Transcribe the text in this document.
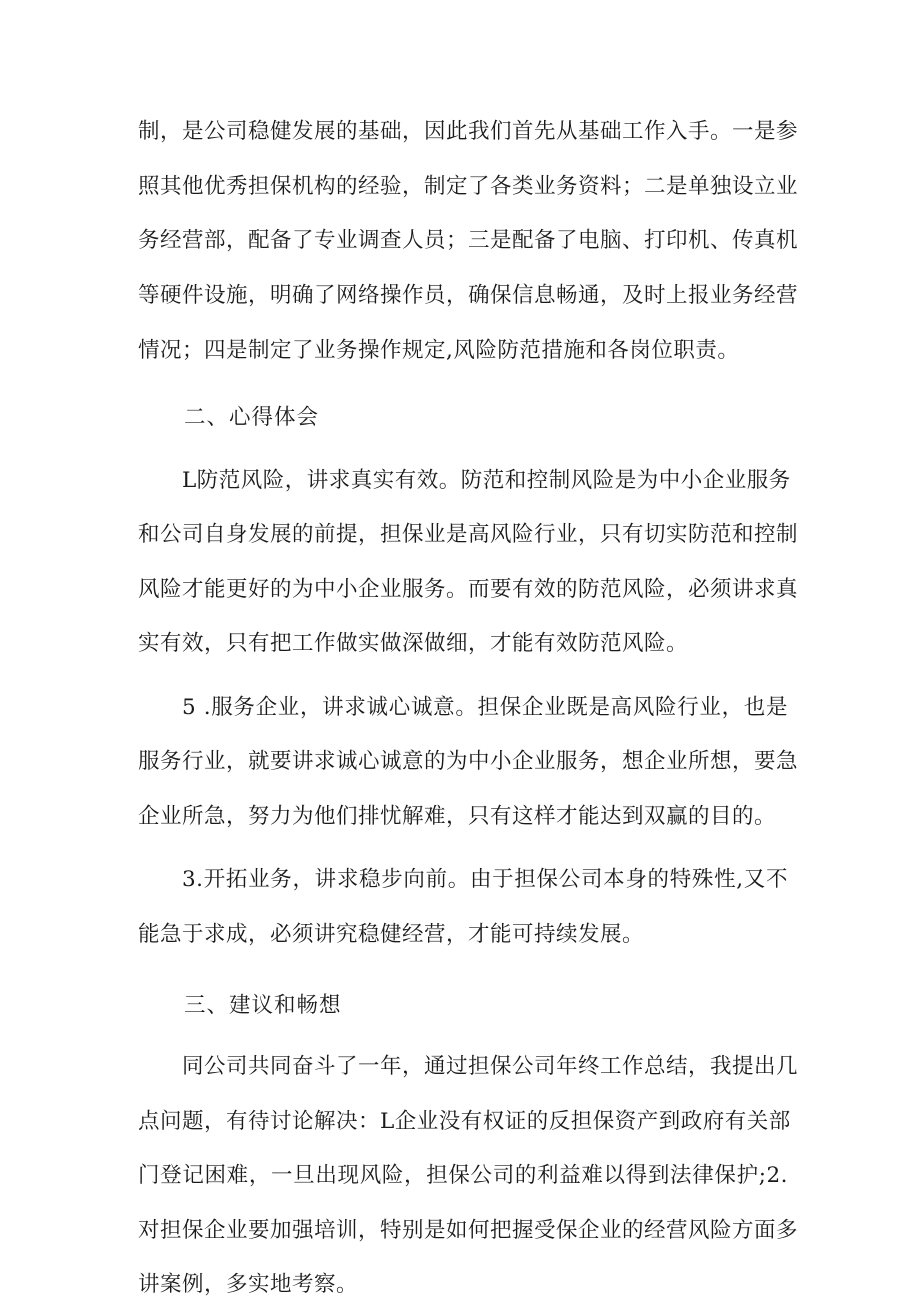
制，是公司稳健发展的基础，因此我们首先从基础工作入手。一是参
照其他优秀担保机构的经验，制定了各类业务资料；二是单独设立业
务经营部，配备了专业调查人员；三是配备了电脑、打印机、传真机
等硬件设施，明确了网络操作员，确保信息畅通，及时上报业务经营
情况；四是制定了业务操作规定,风险防范措施和各岗位职责。
二、心得体会
L防范风险，讲求真实有效。防范和控制风险是为中小企业服务
和公司自身发展的前提，担保业是高风险行业，只有切实防范和控制
风险才能更好的为中小企业服务。而要有效的防范风险，必须讲求真
实有效，只有把工作做实做深做细，才能有效防范风险。
5 .服务企业，讲求诚心诚意。担保企业既是高风险行业，也是
服务行业，就要讲求诚心诚意的为中小企业服务，想企业所想，要急
企业所急，努力为他们排忧解难，只有这样才能达到双赢的目的。
3.开拓业务，讲求稳步向前。由于担保公司本身的特殊性,又不
能急于求成，必须讲究稳健经营，才能可持续发展。
三、建议和畅想
同公司共同奋斗了一年，通过担保公司年终工作总结，我提出几
点问题，有待讨论解决：L企业没有权证的反担保资产到政府有关部
门登记困难，一旦出现风险，担保公司的利益难以得到法律保护;2.
对担保企业要加强培训，特别是如何把握受保企业的经营风险方面多
讲案例，多实地考察。
